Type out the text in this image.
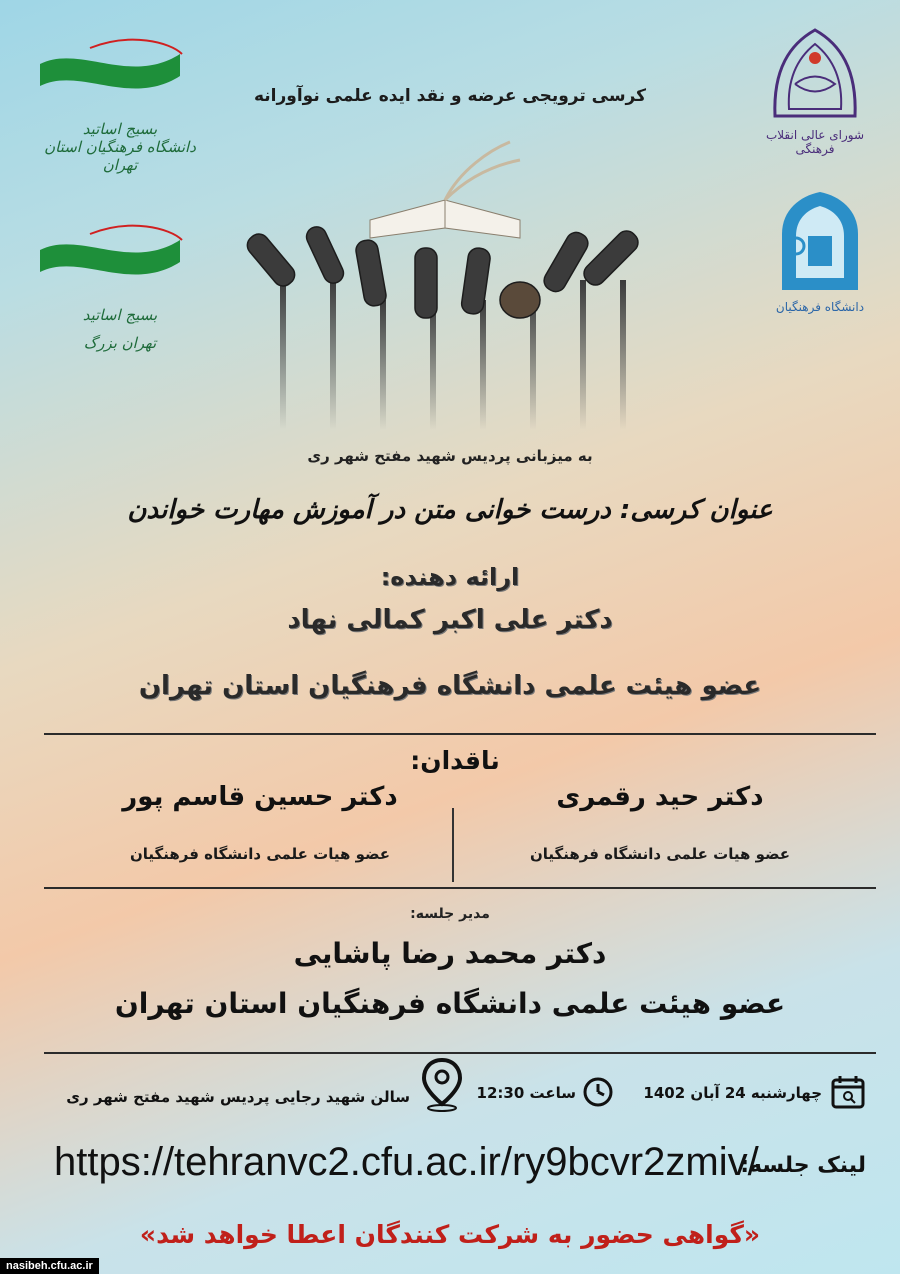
بسیج اساتید
دانشگاه فرهنگیان استان تهران
بسیج اساتید
تهران بزرگ
شورای عالی انقلاب فرهنگی
دانشگاه فرهنگیان
کرسی ترویجی عرضه و نقد ایده علمی نوآورانه
به میزبانی پردیس شهید مفتح شهر ری
عنوان کرسی: درست خوانی متن در آموزش مهارت خواندن
ارائه دهنده:
دکتر علی اکبر کمالی نهاد
عضو هیئت علمی دانشگاه فرهنگیان استان تهران
ناقدان:
دکتر حید رقمری
عضو هیات علمی دانشگاه فرهنگیان
دکتر حسین قاسم پور
عضو هیات علمی دانشگاه فرهنگیان
مدیر جلسه:
دکتر محمد رضا پاشایی
عضو هیئت علمی دانشگاه فرهنگیان استان تهران
چهارشنبه 24 آبان 1402
ساعت 12:30
سالن شهید رجایی پردیس شهید مفتح شهر ری
لینک جلسه:
https://tehranvc2.cfu.ac.ir/ry9bcvr2zmiv/
«گواهی حضور به شرکت کنندگان اعطا خواهد شد»
nasibeh.cfu.ac.ir
